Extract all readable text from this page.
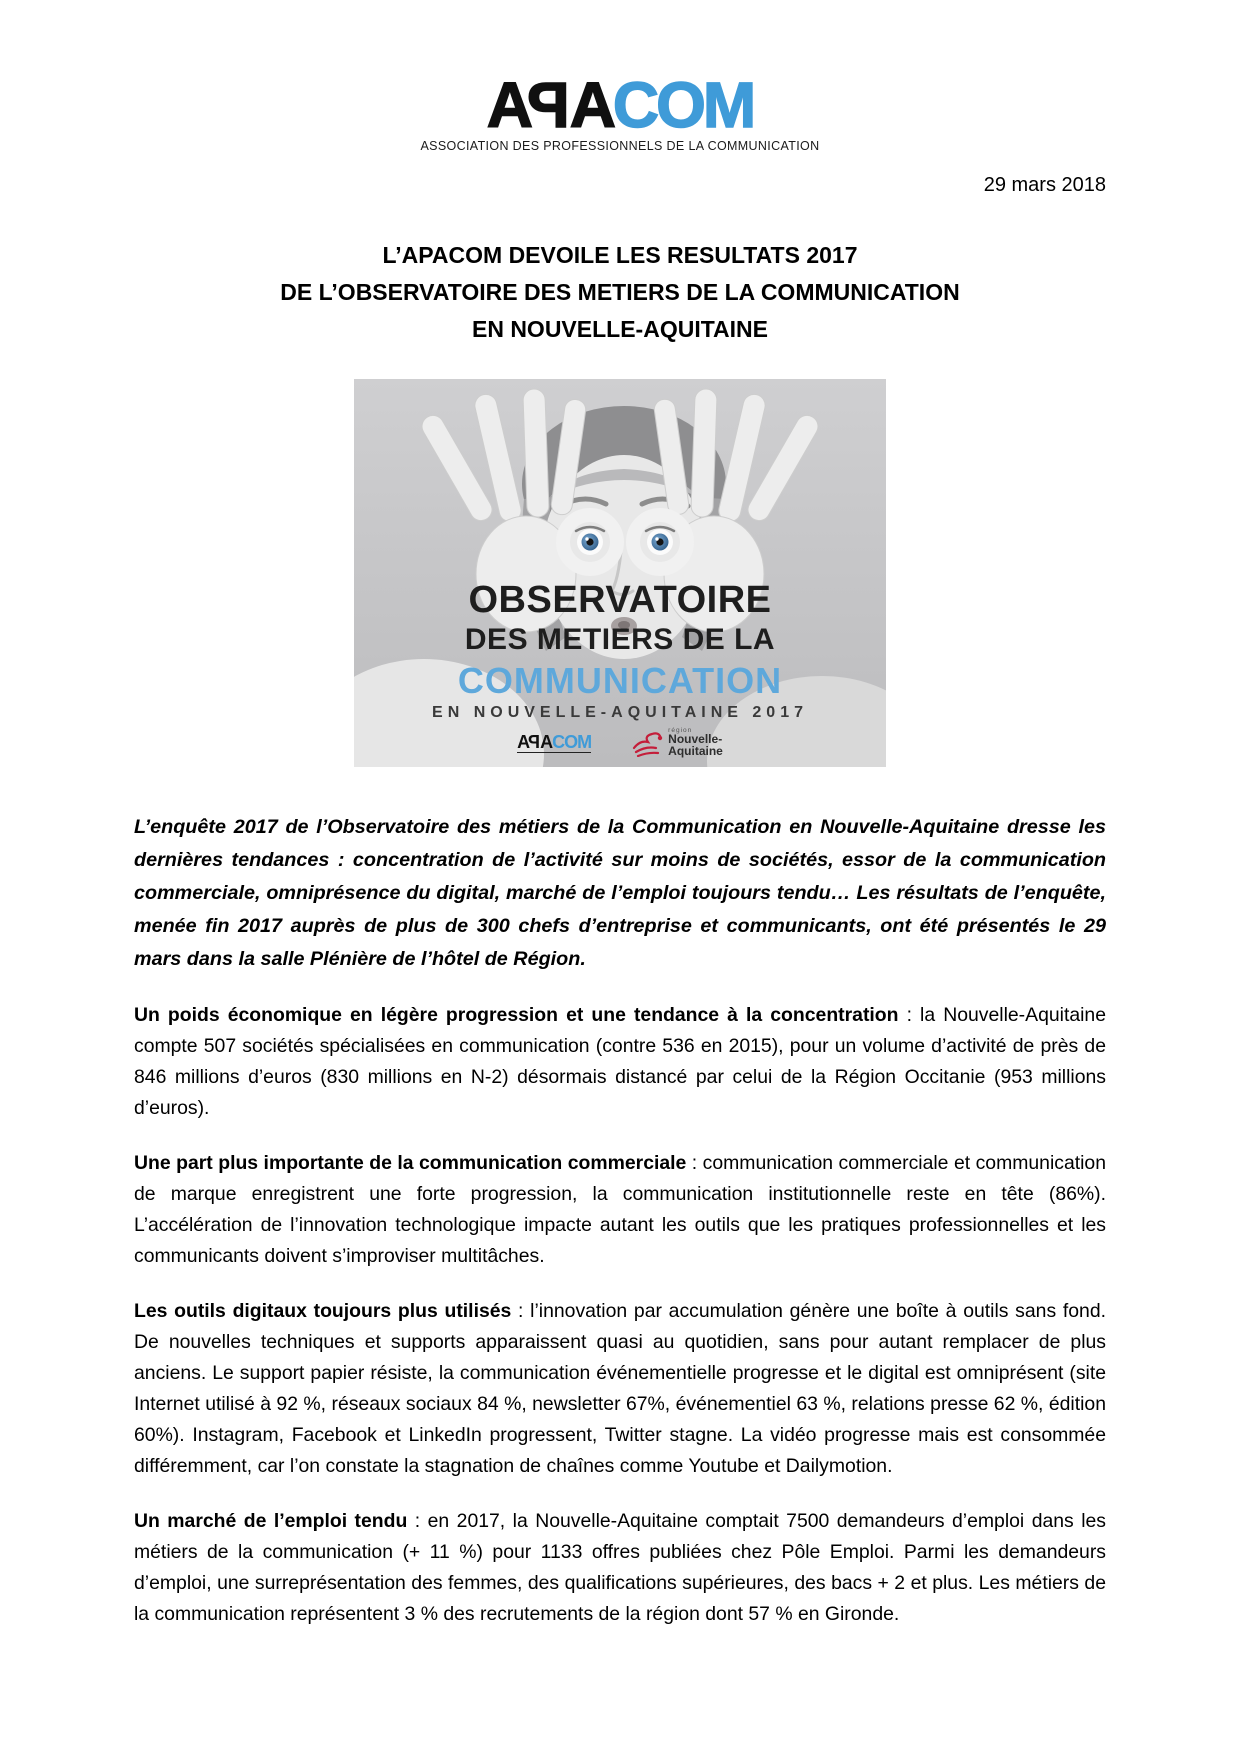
APACOM
ASSOCIATION DES PROFESSIONNELS DE LA COMMUNICATION
29 mars 2018
L’APACOM DEVOILE LES RESULTATS 2017
DE L’OBSERVATOIRE DES METIERS DE LA COMMUNICATION
EN NOUVELLE-AQUITAINE
OBSERVATOIRE
DES METIERS DE LA
COMMUNICATION
EN NOUVELLE-AQUITAINE 2017
APACOM
région
Nouvelle-
Aquitaine

L’enquête 2017 de l’Observatoire des métiers de la Communication en Nouvelle-Aquitaine dresse les dernières tendances : concentration de l’activité sur moins de sociétés, essor de la communication commerciale, omniprésence du digital, marché de l’emploi toujours tendu… Les résultats de l’enquête, menée fin 2017 auprès de plus de 300 chefs d’entreprise et communicants, ont été présentés le 29 mars dans la salle Plénière de l’hôtel de Région.

Un poids économique en légère progression et une tendance à la concentration : la Nouvelle-Aquitaine compte 507 sociétés spécialisées en communication (contre 536 en 2015), pour un volume d’activité de près de 846 millions d’euros (830 millions en N-2) désormais distancé par celui de la Région Occitanie (953 millions d’euros).

Une part plus importante de la communication commerciale : communication commerciale et communication de marque enregistrent une forte progression, la communication institutionnelle reste en tête (86%). L’accélération de l’innovation technologique impacte autant les outils que les pratiques professionnelles et les communicants doivent s’improviser multitâches.

Les outils digitaux toujours plus utilisés : l’innovation par accumulation génère une boîte à outils sans fond. De nouvelles techniques et supports apparaissent quasi au quotidien, sans pour autant remplacer de plus anciens. Le support papier résiste, la communication événementielle progresse et le digital est omniprésent (site Internet utilisé à 92 %, réseaux sociaux 84 %, newsletter 67%, événementiel 63 %, relations presse 62 %, édition 60%). Instagram, Facebook et LinkedIn progressent, Twitter stagne. La vidéo progresse mais est consommée différemment, car l’on constate la stagnation de chaînes comme Youtube et Dailymotion.

Un marché de l’emploi tendu : en 2017, la Nouvelle-Aquitaine comptait 7500 demandeurs d’emploi dans les métiers de la communication (+ 11 %) pour 1133 offres publiées chez Pôle Emploi. Parmi les demandeurs d’emploi, une surreprésentation des femmes, des qualifications supérieures, des bacs + 2 et plus. Les métiers de la communication représentent 3 % des recrutements de la région dont 57 % en Gironde.
